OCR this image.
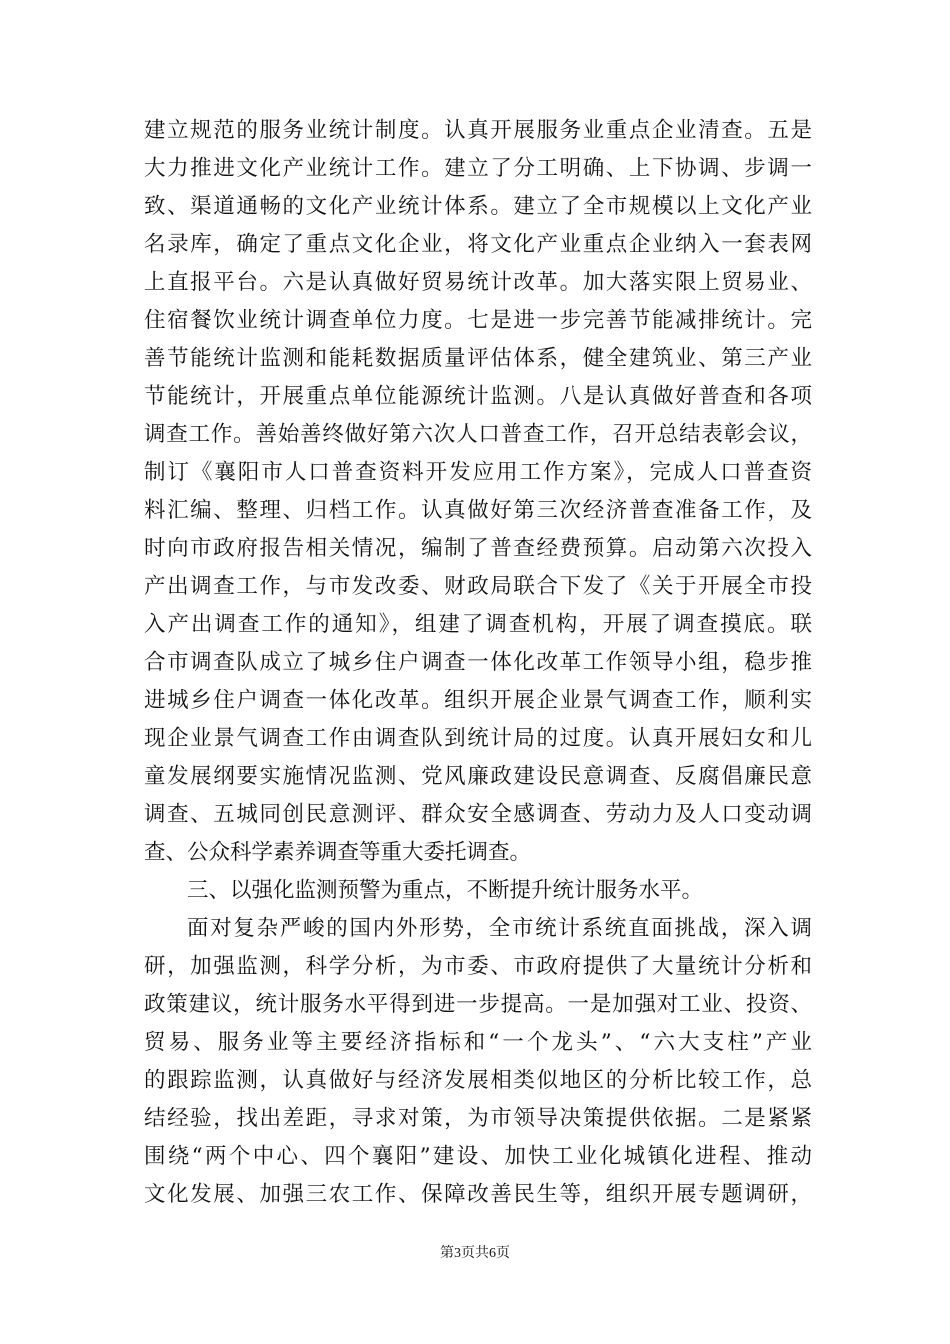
建立规范的服务业统计制度。认真开展服务业重点企业清查。五是
大力推进文化产业统计工作。建立了分工明确、上下协调、步调一
致、渠道通畅的文化产业统计体系。建立了全市规模以上文化产业
名录库，确定了重点文化企业，将文化产业重点企业纳入一套表网
上直报平台。六是认真做好贸易统计改革。加大落实限上贸易业、
住宿餐饮业统计调查单位力度。七是进一步完善节能减排统计。完
善节能统计监测和能耗数据质量评估体系，健全建筑业、第三产业
节能统计，开展重点单位能源统计监测。八是认真做好普查和各项
调查工作。善始善终做好第六次人口普查工作，召开总结表彰会议，
制订《襄阳市人口普查资料开发应用工作方案》，完成人口普查资
料汇编、整理、归档工作。认真做好第三次经济普查准备工作，及
时向市政府报告相关情况，编制了普查经费预算。启动第六次投入
产出调查工作，与市发改委、财政局联合下发了《关于开展全市投
入产出调查工作的通知》，组建了调查机构，开展了调查摸底。联
合市调查队成立了城乡住户调查一体化改革工作领导小组，稳步推
进城乡住户调查一体化改革。组织开展企业景气调查工作，顺利实
现企业景气调查工作由调查队到统计局的过度。认真开展妇女和儿
童发展纲要实施情况监测、党风廉政建设民意调查、反腐倡廉民意
调查、五城同创民意测评、群众安全感调查、劳动力及人口变动调
查、公众科学素养调查等重大委托调查。
三、以强化监测预警为重点，不断提升统计服务水平。
面对复杂严峻的国内外形势，全市统计系统直面挑战，深入调
研，加强监测，科学分析，为市委、市政府提供了大量统计分析和
政策建议，统计服务水平得到进一步提高。一是加强对工业、投资、
贸易、服务业等主要经济指标和“一个龙头”、“六大支柱”产业
的跟踪监测，认真做好与经济发展相类似地区的分析比较工作，总
结经验，找出差距，寻求对策，为市领导决策提供依据。二是紧紧
围绕“两个中心、四个襄阳”建设、加快工业化城镇化进程、推动
文化发展、加强三农工作、保障改善民生等，组织开展专题调研，
第3页共6页
